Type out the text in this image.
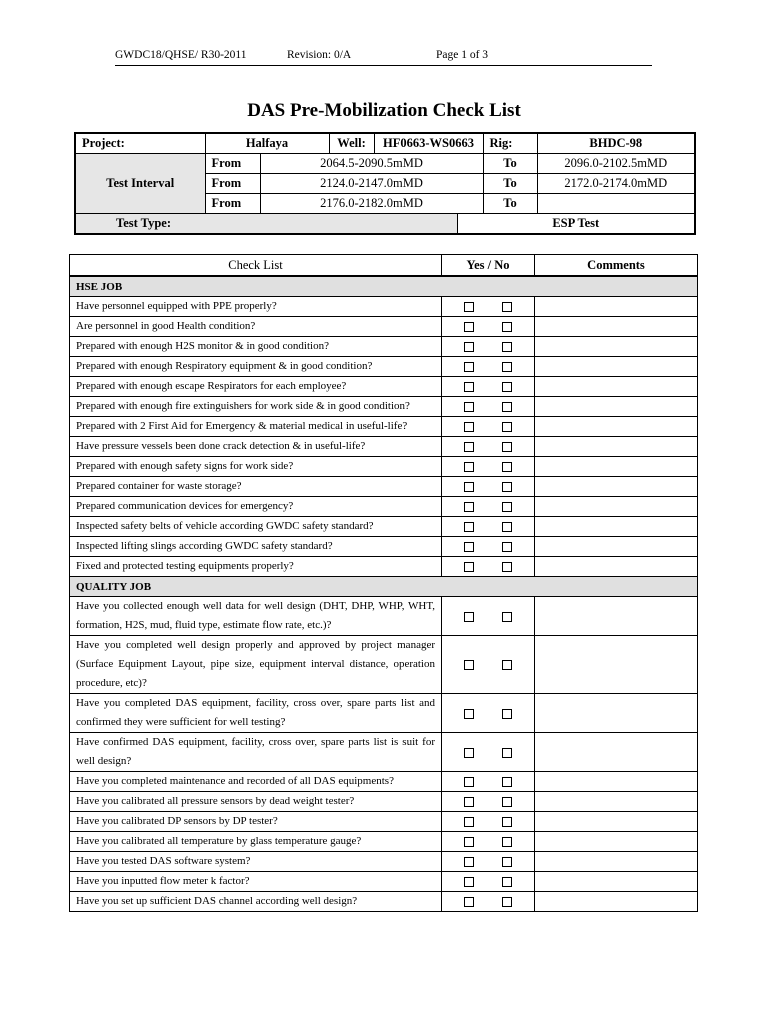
GWDC18/QHSE/ R30-2011	Revision: 0/A	Page 1 of 3
DAS Pre-Mobilization Check List
Project:	Halfaya		Well: HF0663-WS0663		Rig:	BHDC-98
Test Interval	From	2064.5-2090.5mMD			To	2096.0-2102.5mMD
	From	2124.0-2147.0mMD			To	2172.0-2174.0mMD
	From	2176.0-2182.0mMD			To	
Test Type:				ESP Test		
Check List	Yes / No	Comments
HSE JOB		
Have personnel equipped with PPE properly?		
Are personnel in good Health condition?		
Prepared with enough H2S monitor & in good condition?		
Prepared with enough Respiratory equipment & in good condition?		
Prepared with enough escape Respirators for each employee?		
Prepared with enough fire extinguishers for work side & in good condition?		
Prepared with 2 First Aid for Emergency & material medical in useful-life?		
Have pressure vessels been done crack detection & in useful-life?		
Prepared with enough safety signs for work side?		
Prepared container for waste storage?		
Prepared communication devices for emergency?		
Inspected safety belts of vehicle according GWDC safety standard?		
Inspected lifting slings according GWDC safety standard?		
Fixed and protected testing equipments properly?		
QUALITY JOB		
Have you collected enough well data for well design (DHT, DHP, WHP, WHT, formation, H2S, mud, fluid type, estimate flow rate, etc.)?		
Have you completed well design properly and approved by project manager (Surface Equipment Layout, pipe size, equipment interval distance, operation procedure, etc)?		
Have you completed DAS equipment, facility, cross over, spare parts list and confirmed they were sufficient for well testing?		
Have confirmed DAS equipment, facility, cross over, spare parts list is suit for well design?		
Have you completed maintenance and recorded of all DAS equipments?		
Have you calibrated all pressure sensors by dead weight tester?		
Have you calibrated DP sensors by DP tester?		
Have you calibrated all temperature by glass temperature gauge?		
Have you tested DAS software system?		
Have you inputted flow meter k factor?		
Have you set up sufficient DAS channel according well design?		
